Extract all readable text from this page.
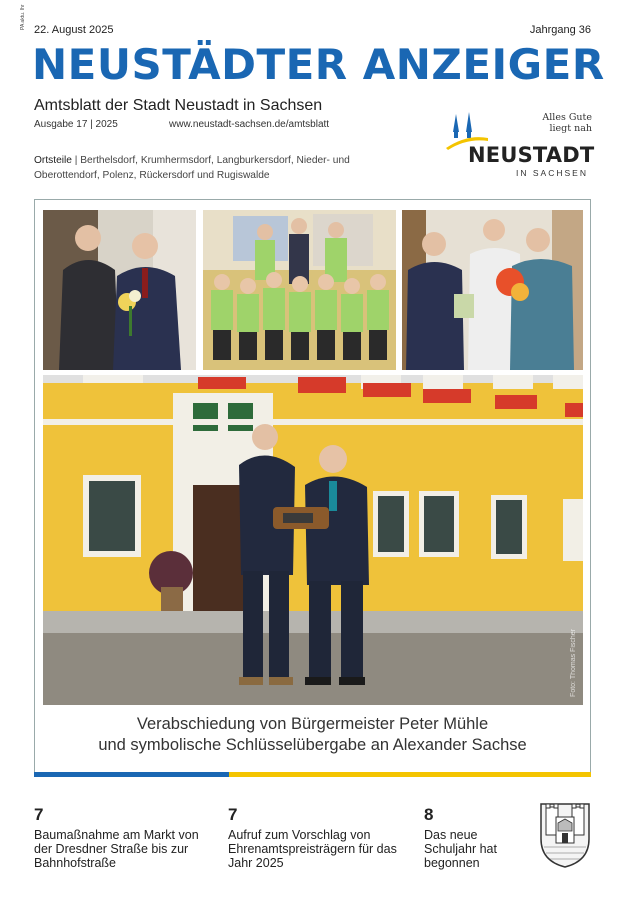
PA aktu. Ihr 22. August 2025	Jahrgang 36
NEUSTÄDTER ANZEIGER
Amtsblatt der Stadt Neustadt in Sachsen
Ausgabe 17 | 2025	www.neustadt-sachsen.de/amtsblatt
Ortsteile | Berthelsdorf, Krumhermsdorf, Langburkersdorf, Nieder- und Oberottendorf, Polenz, Rückersdorf und Rugiswalde
Alles Gute
liegt nah
NEUSTADT
IN SACHSEN
Foto: Thomas Fischer
Verabschiedung von Bürgermeister Peter Mühle
und symbolische Schlüsselübergabe an Alexander Sachse
7
Baumaßnahme am Markt von der Dresdner Straße bis zur Bahnhofstraße
7
Aufruf zum Vorschlag von Ehrenamtspreisträgern für das Jahr 2025
8
Das neue Schuljahr hat begonnen
